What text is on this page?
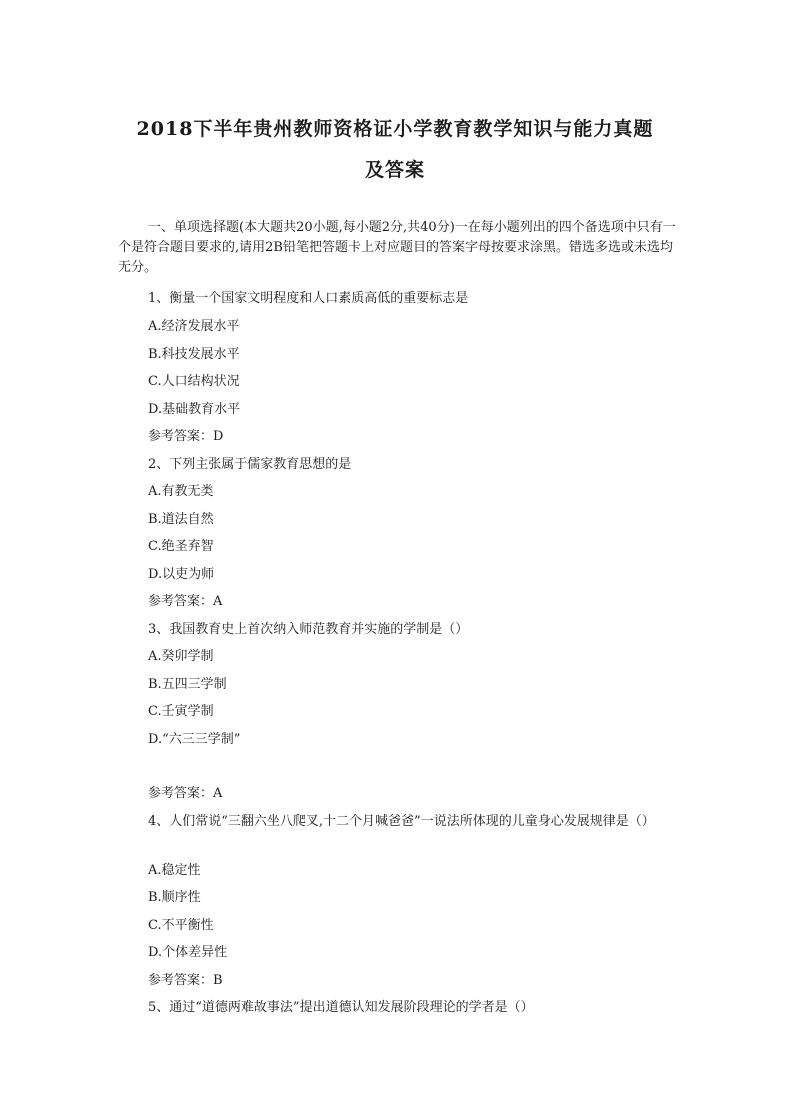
2018下半年贵州教师资格证小学教育教学知识与能力真题
及答案
一、单项选择题(本大题共20小题,每小题2分,共40分)一在每小题列出的四个备选项中只有一个是符合题目要求的,请用2B铅笔把答题卡上对应题目的答案字母按要求涂黑。错选多选或未选均无分。
1、衡量一个国家文明程度和人口素质高低的重要标志是
A.经济发展水平
B.科技发展水平
C.人口结构状况
D.基础教育水平
参考答案：D
2、下列主张属于儒家教育思想的是
A.有教无类
B.道法自然
C.绝圣弃智
D.以吏为师
参考答案：A
3、我国教育史上首次纳入师范教育并实施的学制是（）
A.癸卯学制
B.五四三学制
C.壬寅学制
D.“六三三学制”
参考答案：A
4、人们常说“三翻六坐八爬叉,十二个月喊爸爸”一说法所体现的儿童身心发展规律是（）
A.稳定性
B.顺序性
C.不平衡性
D.个体差异性
参考答案：B
5、通过“道德两难故事法”提出道德认知发展阶段理论的学者是（）
